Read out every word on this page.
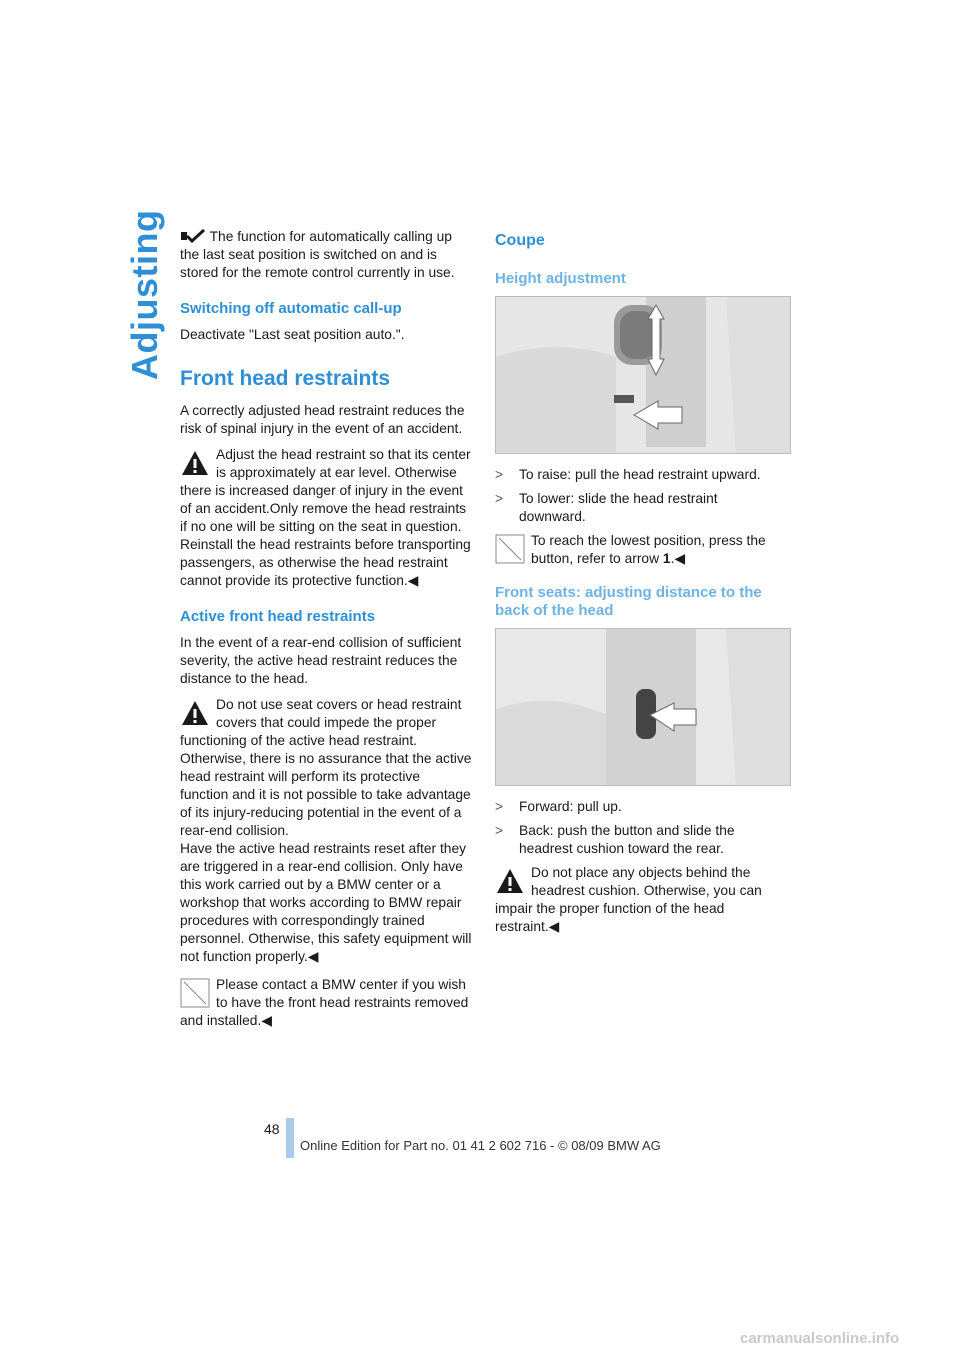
Adjusting	The function for automatically calling up the last seat position is switched on and is stored for the remote control currently in use.

Switching off automatic call-up

Deactivate "Last seat position auto.".

Front head restraints

A correctly adjusted head restraint reduces the risk of spinal injury in the event of an accident.

Adjust the head restraint so that its center is approximately at ear level. Otherwise
there is increased danger of injury in the event of an accident.Only remove the head restraints if no one will be sitting on the seat in question. Reinstall the head restraints before transporting passengers, as otherwise the head restraint cannot provide its protective function.◀
Active front head restraints

In the event of a rear-end collision of sufficient severity, the active head restraint reduces the distance to the head.

Do not use seat covers or head restraint covers that could impede the proper
functioning of the active head restraint. Otherwise, there is no assurance that the active head restraint will perform its protective function and it is not possible to take advantage of its injury-reducing potential in the event of a rear-end collision.
Have the active head restraints reset after they are triggered in a rear-end collision. Only have this work carried out by a BMW center or a workshop that works according to BMW repair procedures with correspondingly trained personnel. Otherwise, this safety equipment will not function properly.◀
Please contact a BMW center if you wish to have the front head restraints removed
and installed.◀
Coupe
Height adjustment
> To raise: pull the head restraint upward.
> To lower: slide the head restraint downward.
To reach the lowest position, press the button, refer to arrow 1.◀
Front seats: adjusting distance to the back of the head
> Forward: pull up.
> Back: push the button and slide the headrest cushion toward the rear.
Do not place any objects behind the headrest cushion. Otherwise, you can
impair the proper function of the head restraint.◀
48
Online Edition for Part no. 01 41 2 602 716 - © 08/09 BMW AG
carmanualsonline.info
